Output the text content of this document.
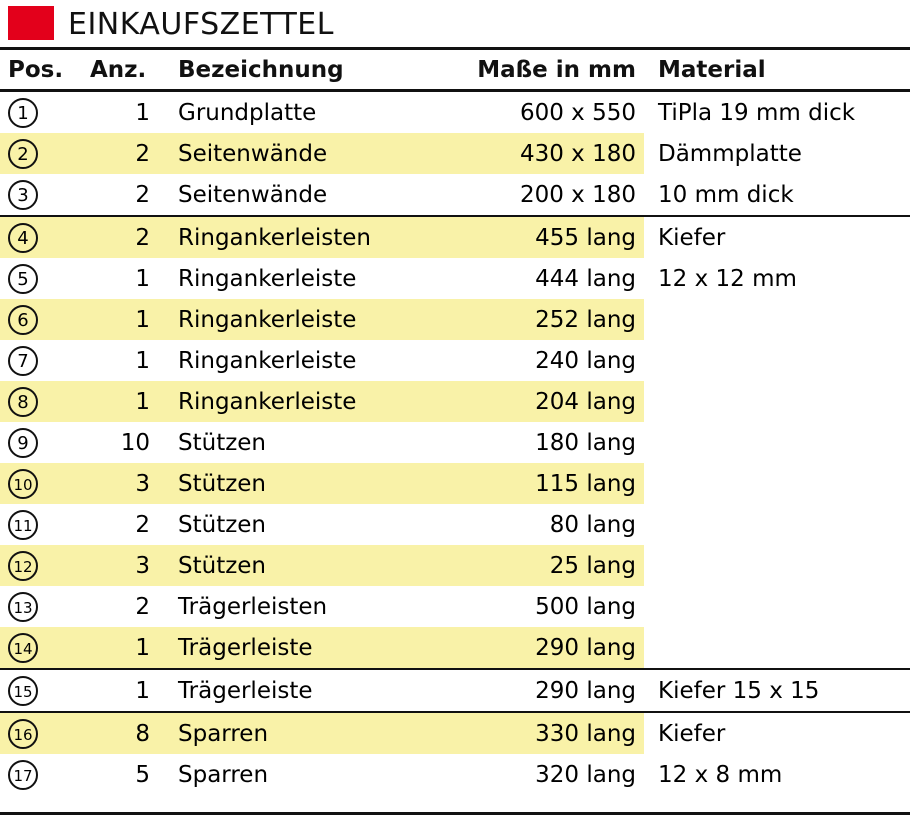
EINKAUFSZETTEL
Pos.	Anz.	Bezeichnung	Maße in mm	Material
1	1	Grundplatte	600 x 550	TiPla 19 mm dick
2	2	Seitenwände	430 x 180	Dämmplatte
3	2	Seitenwände	200 x 180	10 mm dick
4	2	Ringankerleisten	455 lang	Kiefer
5	1	Ringankerleiste	444 lang	12 x 12 mm
6	1	Ringankerleiste	252 lang	
7	1	Ringankerleiste	240 lang	
8	1	Ringankerleiste	204 lang	
9	10	Stützen	180 lang	
10	3	Stützen	115 lang	
11	2	Stützen	80 lang	
12	3	Stützen	25 lang	
13	2	Trägerleisten	500 lang	
14	1	Trägerleiste	290 lang	
15	1	Trägerleiste	290 lang	Kiefer 15 x 15
16	8	Sparren	330 lang	Kiefer
17	5	Sparren	320 lang	12 x 8 mm
